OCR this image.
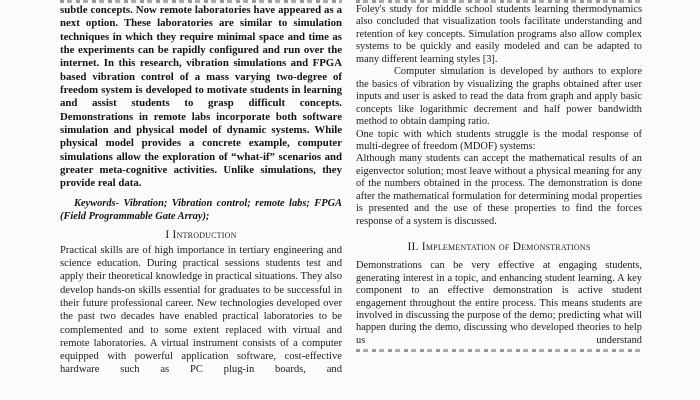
subtle concepts. Now remote laboratories have appeared as a next option. These laboratories are similar to simulation techniques in which they require minimal space and time as the experiments can be rapidly configured and run over the internet. In this research, vibration simulations and FPGA based vibration control of a mass varying two-degree of freedom system is developed to motivate students in learning and assist students to grasp difficult concepts. Demonstrations in remote labs incorporate both software simulation and physical model of dynamic systems. While physical model provides a concrete example, computer simulations allow the exploration of “what-if” scenarios and greater meta-cognitive activities. Unlike simulations, they provide real data.
Keywords- Vibration; Vibration control; remote labs; FPGA (Field Programmable Gate Array);
I Introduction

Practical skills are of high importance in tertiary engineering and science education. During practical sessions students test and apply their theoretical knowledge in practical situations. They also develop hands-on skills essential for graduates to be successful in their future professional career. New technologies developed over the past two decades have enabled practical laboratories to be complemented and to some extent replaced with virtual and remote laboratories. A virtual instrument consists of a computer equipped with powerful application software, cost-effective hardware such as PC plug-in boards, and

Foley's study for middle school students learning thermodynamics also concluded that visualization tools facilitate understanding and retention of key concepts. Simulation programs also allow complex systems to be quickly and easily modeled and can be adapted to many different learning styles [3].

Computer simulation is developed by authors to explore the basics of vibration by visualizing the graphs obtained after user inputs and user is asked to read the data from graph and apply basic concepts like logarithmic decrement and half power bandwidth method to obtain damping ratio.

One topic with which students struggle is the modal response of multi-degree of freedom (MDOF) systems:

Although many students can accept the mathematical results of an eigenvector solution; most leave without a physical meaning for any of the numbers obtained in the process. The demonstration is done after the mathematical formulation for determining modal properties is presented and the use of these properties to find the forces response of a system is discussed.

II. Implementation of Demonstrations

Demonstrations can be very effective at engaging students, generating interest in a topic, and enhancing student learning. A key component to an effective demonstration is active student engagement throughout the entire process. This means students are involved in discussing the purpose of the demo; predicting what will happen during the demo, discussing who developed theories to help us understand
